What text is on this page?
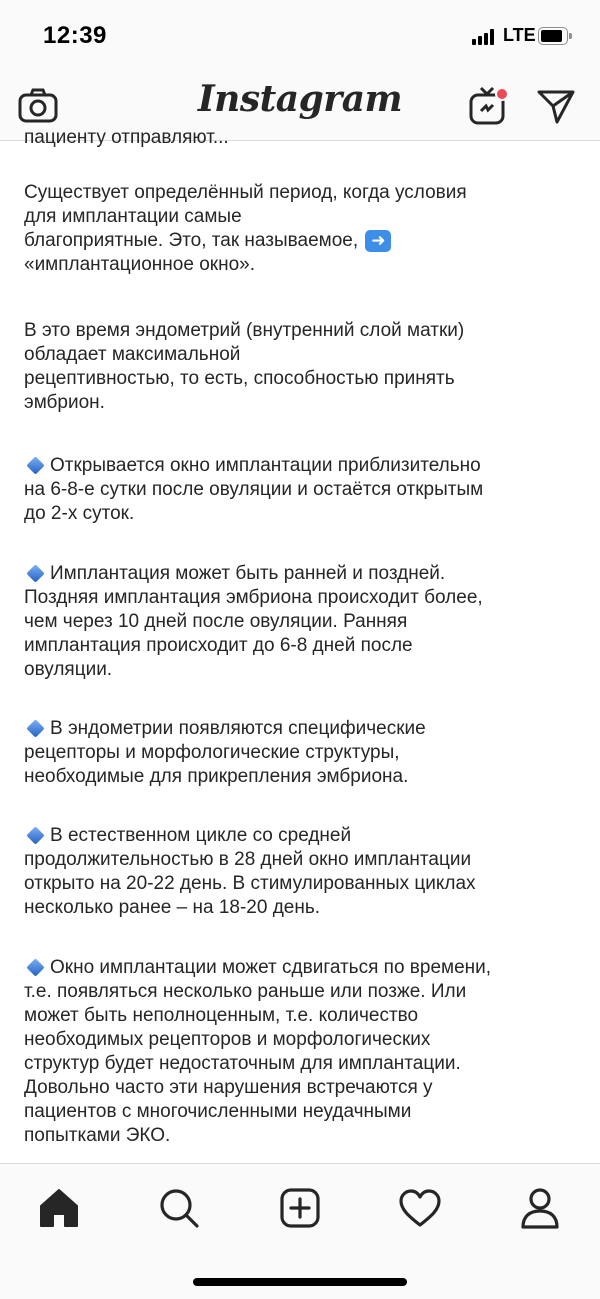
12:39	LTE
Instagram
пациенту отправляют...
Существует определённый период, когда условия
для имплантации самые
благоприятные. Это, так называемое, ➜
«имплантационное окно».
В это время эндометрий (внутренний слой матки)
обладает максимальной
рецептивностью, то есть, способностью принять
эмбрион.
Открывается окно имплантации приблизительно
на 6-8-е сутки после овуляции и остаётся открытым
до 2-х суток.
Имплантация может быть ранней и поздней.
Поздняя имплантация эмбриона происходит более,
чем через 10 дней после овуляции. Ранняя
имплантация происходит до 6-8 дней после
овуляции.
В эндометрии появляются специфические
рецепторы и морфологические структуры,
необходимые для прикрепления эмбриона.
В естественном цикле со средней
продолжительностью в 28 дней окно имплантации
открыто на 20-22 день. В стимулированных циклах
несколько ранее – на 18-20 день.
Окно имплантации может сдвигаться по времени,
т.е. появляться несколько раньше или позже. Или
может быть неполноценным, т.е. количество
необходимых рецепторов и морфологических
структур будет недостаточным для имплантации.
Довольно часто эти нарушения встречаются у
пациентов с многочисленными неудачными
попытками ЭКО.
